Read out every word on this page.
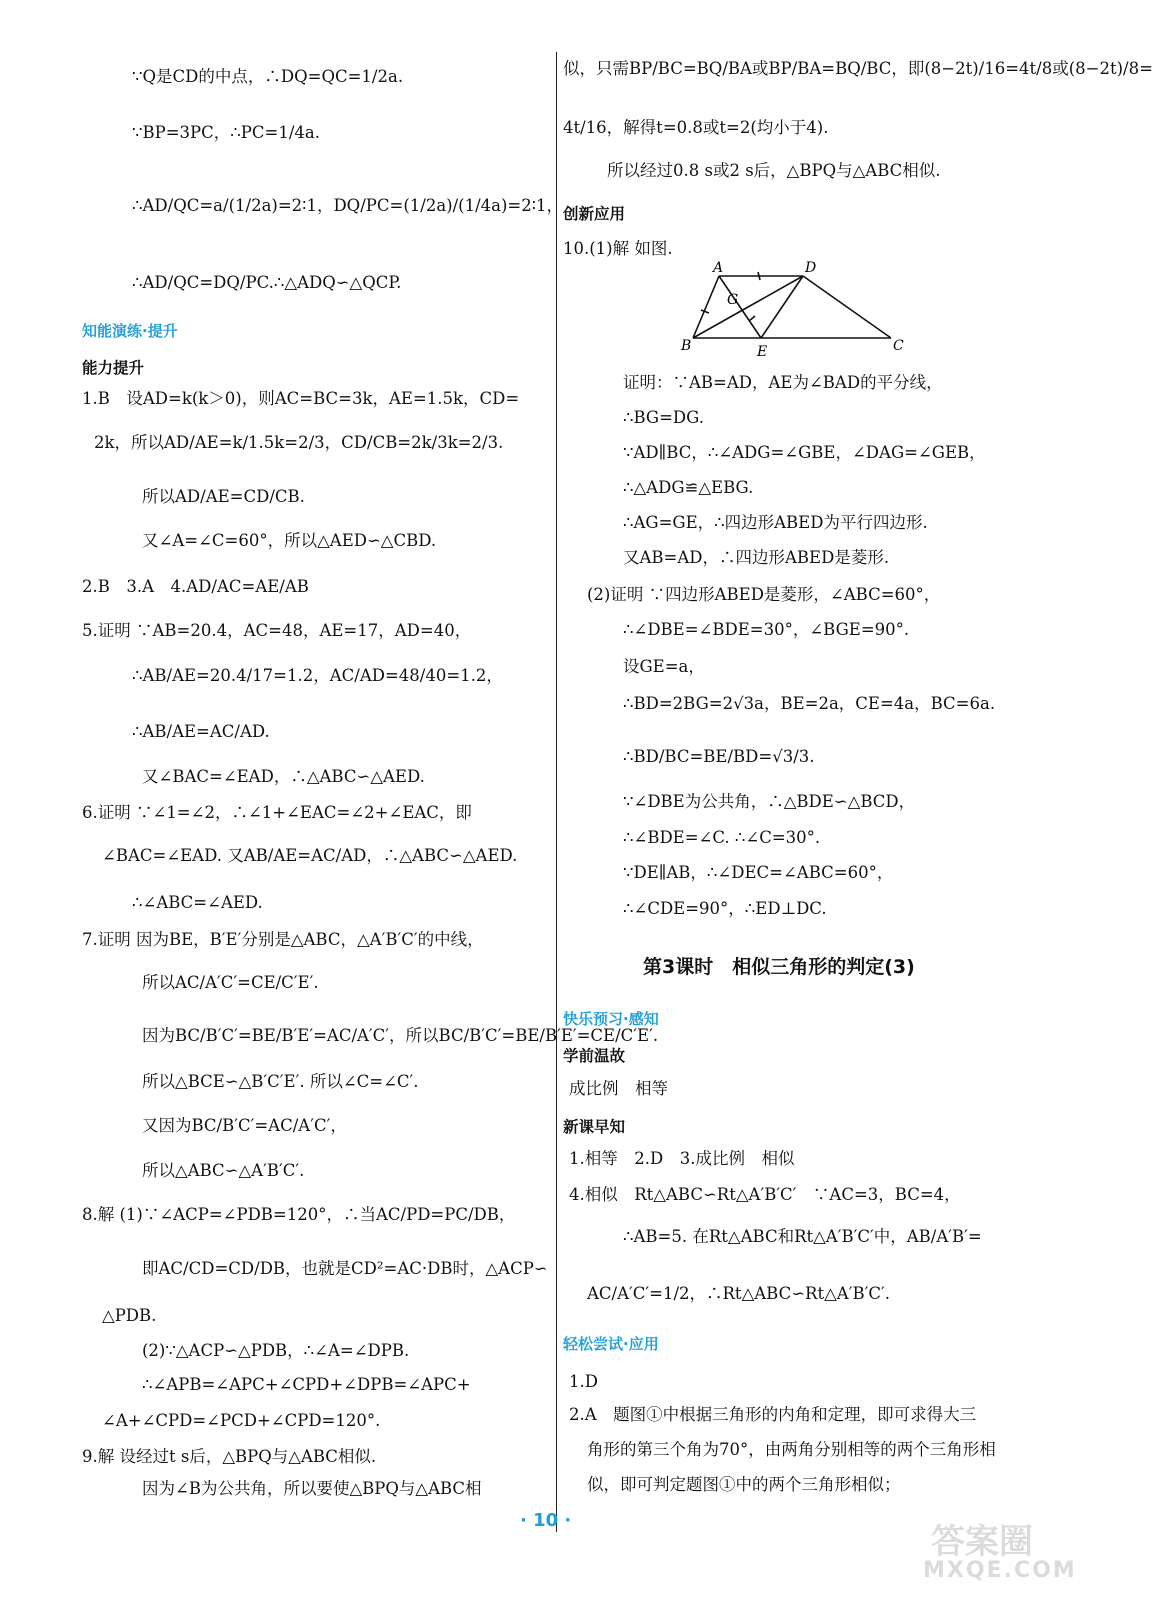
∵Q是CD的中点，∴DQ=QC=1/2a.
∵BP=3PC，∴PC=1/4a.
∴AD/QC=a/(1/2a)=2∶1，DQ/PC=(1/2a)/(1/4a)=2∶1，
∴AD/QC=DQ/PC.∴△ADQ∽△QCP.
1.B　设AD=k(k＞0)，则AC=BC=3k，AE=1.5k，CD=
2k，所以AD/AE=k/1.5k=2/3，CD/CB=2k/3k=2/3.
所以AD/AE=CD/CB.
又∠A=∠C=60°，所以△AED∽△CBD.
2.B　3.A　4.AD/AC=AE/AB
5.证明 ∵AB=20.4，AC=48，AE=17，AD=40，
∴AB/AE=20.4/17=1.2，AC/AD=48/40=1.2，
∴AB/AE=AC/AD.
又∠BAC=∠EAD，∴△ABC∽△AED.
6.证明 ∵∠1=∠2，∴∠1+∠EAC=∠2+∠EAC，即
∠BAC=∠EAD. 又AB/AE=AC/AD，∴△ABC∽△AED.
∴∠ABC=∠AED.
7.证明 因为BE，B′E′分别是△ABC，△A′B′C′的中线，
所以AC/A′C′=CE/C′E′.
因为BC/B′C′=BE/B′E′=AC/A′C′，所以BC/B′C′=BE/B′E′=CE/C′E′.
所以△BCE∽△B′C′E′. 所以∠C=∠C′.
又因为BC/B′C′=AC/A′C′，
所以△ABC∽△A′B′C′.
8.解 (1)∵∠ACP=∠PDB=120°，∴当AC/PD=PC/DB，
即AC/CD=CD/DB，也就是CD²=AC·DB时，△ACP∽
△PDB.
(2)∵△ACP∽△PDB，∴∠A=∠DPB.
∴∠APB=∠APC+∠CPD+∠DPB=∠APC+
∠A+∠CPD=∠PCD+∠CPD=120°.
9.解 设经过t s后，△BPQ与△ABC相似.
因为∠B为公共角，所以要使△BPQ与△ABC相
知能演练·提升
能力提升
A	D
G
B	E	C
似，只需BP/BC=BQ/BA或BP/BA=BQ/BC，即(8−2t)/16=4t/8或(8−2t)/8=
4t/16，解得t=0.8或t=2(均小于4).
所以经过0.8 s或2 s后，△BPQ与△ABC相似.
10.(1)解 如图.
证明：∵AB=AD，AE为∠BAD的平分线，
∴BG=DG.
∵AD∥BC，∴∠ADG=∠GBE，∠DAG=∠GEB，
∴△ADG≌△EBG.
∴AG=GE，∴四边形ABED为平行四边形.
又AB=AD，∴四边形ABED是菱形.
(2)证明 ∵四边形ABED是菱形，∠ABC=60°，
∴∠DBE=∠BDE=30°，∠BGE=90°.
设GE=a，
∴BD=2BG=2√3a，BE=2a，CE=4a，BC=6a.
∴BD/BC=BE/BD=√3/3.
∵∠DBE为公共角，∴△BDE∽△BCD，
∴∠BDE=∠C. ∴∠C=30°.
∵DE∥AB，∴∠DEC=∠ABC=60°，
∴∠CDE=90°，∴ED⊥DC.
成比例　相等
1.相等　2.D　3.成比例　相似
4.相似　Rt△ABC∽Rt△A′B′C′　∵AC=3，BC=4，
∴AB=5. 在Rt△ABC和Rt△A′B′C′中，AB/A′B′=
AC/A′C′=1/2，∴Rt△ABC∽Rt△A′B′C′.
1.D
2.A　题图①中根据三角形的内角和定理，即可求得大三
角形的第三个角为70°，由两角分别相等的两个三角形相
似，即可判定题图①中的两个三角形相似；
创新应用
第3课时　相似三角形的判定(3)
快乐预习·感知
学前温故
新课早知
轻松尝试·应用
· 10 ·
答案圈
MXQE.COM
